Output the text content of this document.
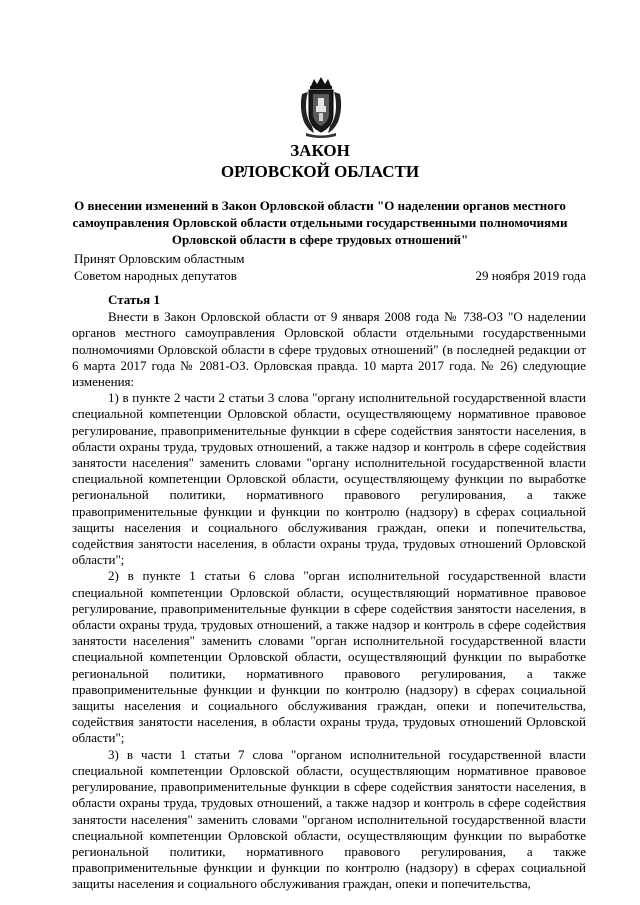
ЗАКОН
ОРЛОВСКОЙ ОБЛАСТИ
О внесении изменений в Закон Орловской области "О наделении органов местного самоуправления Орловской области отдельными государственными полномочиями Орловской области в сфере трудовых отношений"
Принят Орловским областным
Советом народных депутатов	29 ноября 2019 года
Статья 1

Внести в Закон Орловской области от 9 января 2008 года № 738-ОЗ "О наделении органов местного самоуправления Орловской области отдельными государственными полномочиями Орловской области в сфере трудовых отношений" (в последней редакции от 6 марта 2017 года № 2081-ОЗ. Орловская правда. 10 марта 2017 года. № 26) следующие изменения:

1) в пункте 2 части 2 статьи 3 слова "органу исполнительной государственной власти специальной компетенции Орловской области, осуществляющему нормативное правовое регулирование, правоприменительные функции в сфере содействия занятости населения, в области охраны труда, трудовых отношений, а также надзор и контроль в сфере содействия занятости населения" заменить словами "органу исполнительной государственной власти специальной компетенции Орловской области, осуществляющему функции по выработке региональной политики, нормативного правового регулирования, а также правоприменительные функции и функции по контролю (надзору) в сферах социальной защиты населения и социального обслуживания граждан, опеки и попечительства, содействия занятости населения, в области охраны труда, трудовых отношений Орловской области";

2) в пункте 1 статьи 6 слова "орган исполнительной государственной власти специальной компетенции Орловской области, осуществляющий нормативное правовое регулирование, правоприменительные функции в сфере содействия занятости населения, в области охраны труда, трудовых отношений, а также надзор и контроль в сфере содействия занятости населения" заменить словами "орган исполнительной государственной власти специальной компетенции Орловской области, осуществляющий функции по выработке региональной политики, нормативного правового регулирования, а также правоприменительные функции и функции по контролю (надзору) в сферах социальной защиты населения и социального обслуживания граждан, опеки и попечительства, содействия занятости населения, в области охраны труда, трудовых отношений Орловской области";

3) в части 1 статьи 7 слова "органом исполнительной государственной власти специальной компетенции Орловской области, осуществляющим нормативное правовое регулирование, правоприменительные функции в сфере содействия занятости населения, в области охраны труда, трудовых отношений, а также надзор и контроль в сфере содействия занятости населения" заменить словами "органом исполнительной государственной власти специальной компетенции Орловской области, осуществляющим функции по выработке региональной политики, нормативного правового регулирования, а также правоприменительные функции и функции по контролю (надзору) в сферах социальной защиты населения и социального обслуживания граждан, опеки и попечительства,
